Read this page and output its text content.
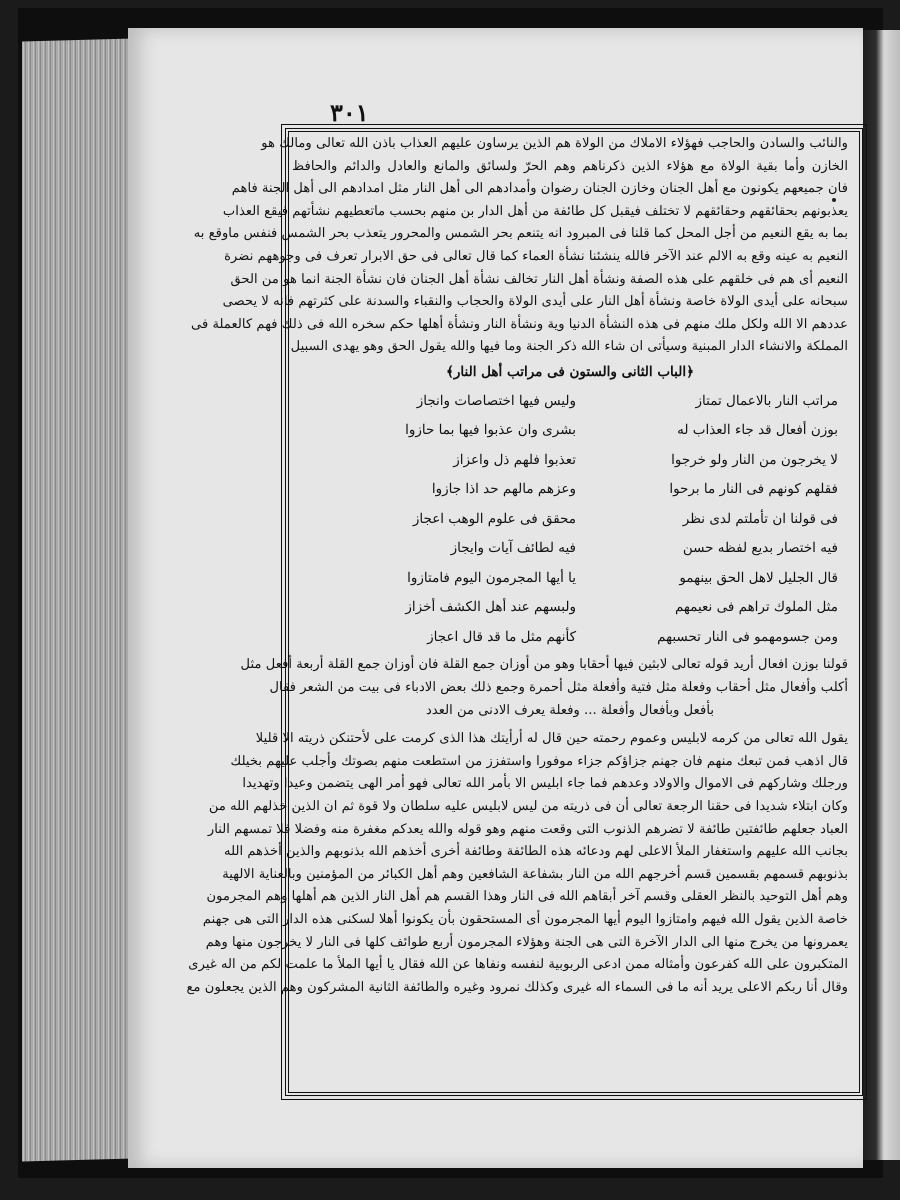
٣٠١
والنائب والسادن والحاجب فهؤلاء الاملاك من الولاة هم الذين يرساون عليهم العذاب باذن الله تعالى ومالك هو
الخازن وأما بقية الولاة مع هؤلاء الذين ذكرناهم وهم الحرّ ولسائق والمانع والعادل والدائم والحافظ
فان جميعهم يكونون مع أهل الجنان وخازن الجنان رضوان وأمدادهم الى أهل النار مثل امدادهم الى أهل الجنة فاهم
يعذبونهم بحقائقهم وحقائقهم لا تختلف فيقبل كل طائفة من أهل الدار بن منهم بحسب ماتعطيهم نشأتهم فيقع العذاب
بما به يقع النعيم من أجل المحل كما قلنا فى المبرود انه يتنعم بحر الشمس والمحرور يتعذب بحر الشمس فنفس ماوقع به
النعيم به عينه وقع به الالم عند الآخر فالله ينشئنا نشأة العماء كما قال تعالى فى حق الابرار تعرف فى وجوههم نضرة
النعيم أى هم فى خلقهم على هذه الصفة ونشأة أهل النار تخالف نشأة أهل الجنان فان نشأة الجنة انما هو من الحق
سبحانه على أيدى الولاة خاصة ونشأة أهل النار على أيدى الولاة والحجاب والنقباء والسدنة على كثرتهم فانه لا يحصى
عددهم الا الله ولكل ملك منهم فى هذه النشأة الدنيا وية ونشأة النار ونشأة أهلها حكم سخره الله فى ذلك فهم كالعملة فى
المملكة والانشاء الدار المبنية وسيأتى ان شاء الله ذكر الجنة وما فيها والله يقول الحق وهو يهدى السبيل
﴿الباب الثانى والستون فى مراتب أهل النار﴾
مراتب النار بالاعمال تمتاز
وليس فيها اختصاصات وانجاز
بوزن أفعال قد جاء العذاب له
بشرى وان عذبوا فيها بما حازوا
لا يخرجون من النار ولو خرجوا
تعذبوا فلهم ذل واعزاز
فقلهم كونهم فى النار ما برحوا
وعزهم مالهم حد اذا جازوا
فى قولنا ان تأملتم لدى نظر
محقق فى علوم الوهب اعجاز
فيه اختصار بديع لفظه حسن
فيه لطائف آيات وايجاز
قال الجليل لاهل الحق بينهمو
يا أيها المجرمون اليوم فامتازوا
مثل الملوك تراهم فى نعيمهم
ولبسهم عند أهل الكشف أخزاز
ومن جسومهمو فى النار تحسبهم
كأنهم مثل ما قد قال اعجاز
قولنا بوزن افعال أريد قوله تعالى لابثين فيها أحقابا وهو من أوزان جمع القلة فان أوزان جمع القلة أربعة أفعل مثل
أكلب وأفعال مثل أحقاب وفعلة مثل فتية وأفعلة مثل أحمرة وجمع ذلك بعض الادباء فى بيت من الشعر فقال
بأفعل وبأفعال وأفعلة ... وفعلة يعرف الادنى من العدد
يقول الله تعالى من كرمه لابليس وعموم رحمته حين قال له أرأيتك هذا الذى كرمت على لأحتنكن ذريته الا قليلا
قال اذهب فمن تبعك منهم فان جهنم جزاؤكم جزاء موفورا واستفزز من استطعت منهم بصوتك وأجلب عليهم بخيلك
ورجلك وشاركهم فى الاموال والاولاد وعدهم فما جاء ابليس الا بأمر الله تعالى فهو أمر الهى يتضمن وعيدا وتهديدا
وكان ابتلاء شديدا فى حقنا الرجعة تعالى أن فى ذريته من ليس لابليس عليه سلطان ولا قوة ثم ان الذين خذلهم الله من
العباد جعلهم طائفتين طائفة لا تضرهم الذنوب التى وقعت منهم وهو قوله والله يعدكم مغفرة منه وفضلا فلا تمسهم النار
بجانب الله عليهم واستغفار الملأ الاعلى لهم ودعائه هذه الطائفة وطائفة أخرى أخذهم الله بذنوبهم والذين أخذهم الله
بذنوبهم قسمهم بقسمين قسم أخرجهم الله من النار بشفاعة الشافعين وهم أهل الكبائر من المؤمنين وبالعناية الالهية
وهم أهل التوحيد بالنظر العقلى وقسم آخر أبقاهم الله فى النار وهذا القسم هم أهل النار الذين هم أهلها وهم المجرمون
خاصة الذين يقول الله فيهم وامتازوا اليوم أيها المجرمون أى المستحقون بأن يكونوا أهلا لسكنى هذه الدار التى هى جهنم
يعمرونها من يخرج منها الى الدار الآخرة التى هى الجنة وهؤلاء المجرمون أربع طوائف كلها فى النار لا يخرجون منها وهم
المتكبرون على الله كفرعون وأمثاله ممن ادعى الربوبية لنفسه ونفاها عن الله فقال يا أيها الملأ ما علمت لكم من اله غيرى
وقال أنا ربكم الاعلى يريد أنه ما فى السماء اله غيرى وكذلك نمرود وغيره والطائفة الثانية المشركون وهم الذين يجعلون مع
